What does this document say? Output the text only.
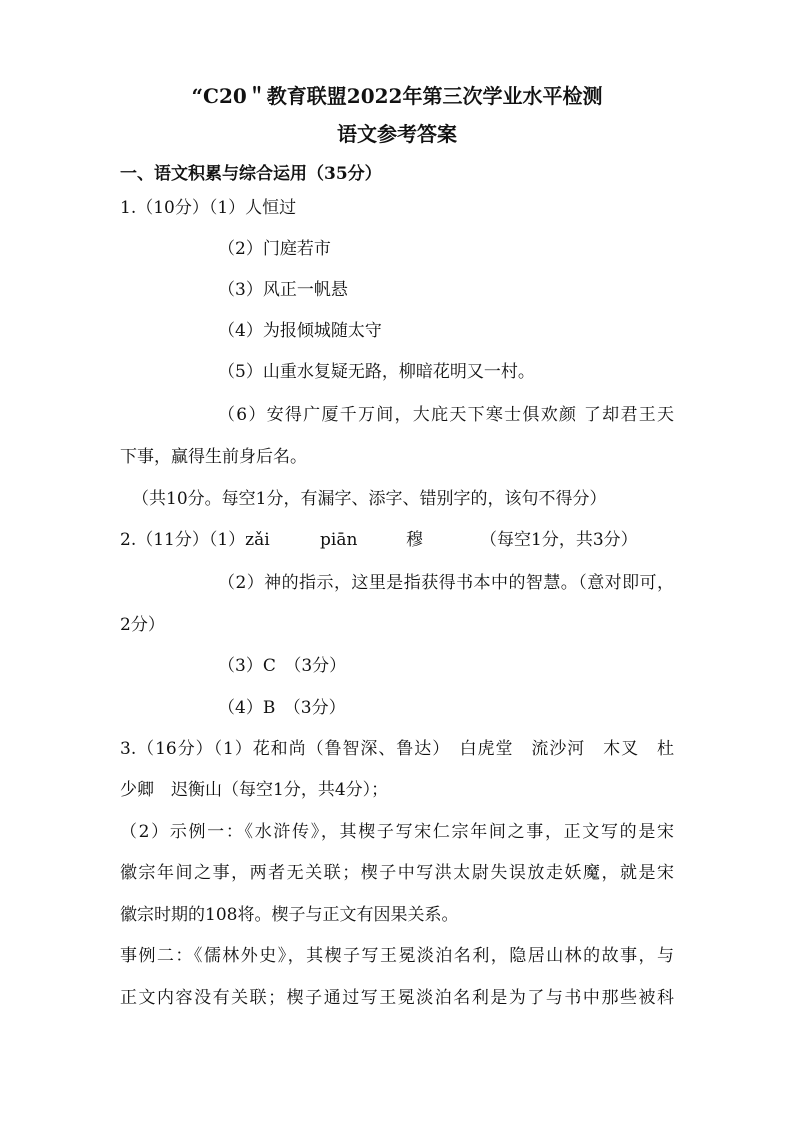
“C20＂教育联盟2022年第三次学业水平检测
语文参考答案
一、语文积累与综合运用（35分）
1.（10分）（1）人恒过
（2）门庭若市
（3）风正一帆悬
（4）为报倾城随太守
（5）山重水复疑无路，柳暗花明又一村。
（6）安得广厦千万间，大庇天下寒士俱欢颜 了却君王天
下事，赢得生前身后名。
（共10分。每空1分，有漏字、添字、错别字的，该句不得分）
2.（11分）（1）zǎi	piān	穆	（每空1分，共3分）
（2）神的指示，这里是指获得书本中的智慧。（意对即可，
2分）
（3）C　（3分）
（4）B　（3分）
3.（16分）（1）花和尚（鲁智深、鲁达）　白虎堂　流沙河　木叉　杜
少卿　迟衡山（每空1分，共4分）；
（2）示例一：《水浒传》，其楔子写宋仁宗年间之事，正文写的是宋
徽宗年间之事，两者无关联；楔子中写洪太尉失误放走妖魔，就是宋
徽宗时期的108将。楔子与正文有因果关系。
事例二：《儒林外史》，其楔子写王冕淡泊名利，隐居山林的故事，与
正文内容没有关联；楔子通过写王冕淡泊名利是为了与书中那些被科
